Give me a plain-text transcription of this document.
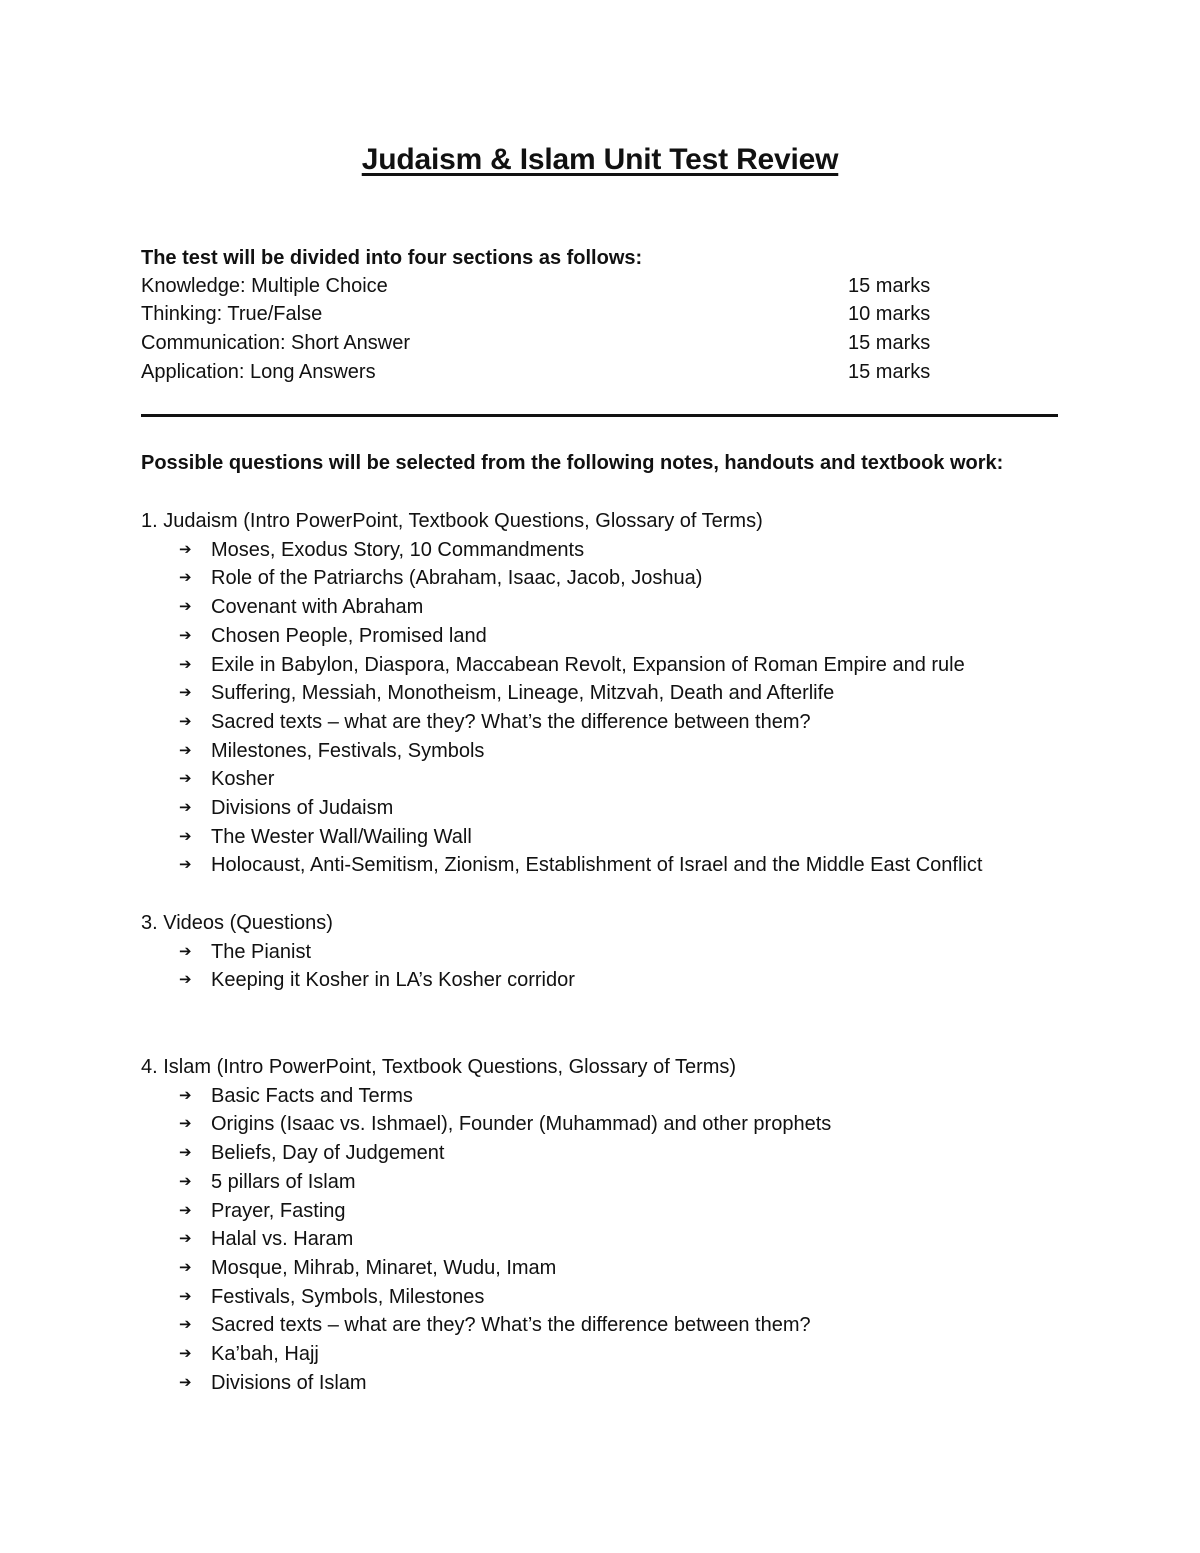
Judaism & Islam Unit Test Review
The test will be divided into four sections as follows:
Knowledge: Multiple Choice	15 marks
Thinking: True/False	10 marks
Communication: Short Answer	15 marks
Application: Long Answers	15 marks
Possible questions will be selected from the following notes, handouts and textbook work:
1. Judaism (Intro PowerPoint, Textbook Questions, Glossary of Terms)
➔ Moses, Exodus Story, 10 Commandments
➔ Role of the Patriarchs (Abraham, Isaac, Jacob, Joshua)
➔ Covenant with Abraham
➔ Chosen People, Promised land
➔ Exile in Babylon, Diaspora, Maccabean Revolt, Expansion of Roman Empire and rule
➔ Suffering, Messiah, Monotheism, Lineage, Mitzvah, Death and Afterlife
➔ Sacred texts – what are they? What’s the difference between them?
➔ Milestones, Festivals, Symbols
➔ Kosher
➔ Divisions of Judaism
➔ The Wester Wall/Wailing Wall
➔ Holocaust, Anti-Semitism, Zionism, Establishment of Israel and the Middle East Conflict
3. Videos (Questions)
➔ The Pianist
➔ Keeping it Kosher in LA’s Kosher corridor
4. Islam (Intro PowerPoint, Textbook Questions, Glossary of Terms)
➔ Basic Facts and Terms
➔ Origins (Isaac vs. Ishmael), Founder (Muhammad) and other prophets
➔ Beliefs, Day of Judgement
➔ 5 pillars of Islam
➔ Prayer, Fasting
➔ Halal vs. Haram
➔ Mosque, Mihrab, Minaret, Wudu, Imam
➔ Festivals, Symbols, Milestones
➔ Sacred texts – what are they? What’s the difference between them?
➔ Ka’bah, Hajj
➔ Divisions of Islam
